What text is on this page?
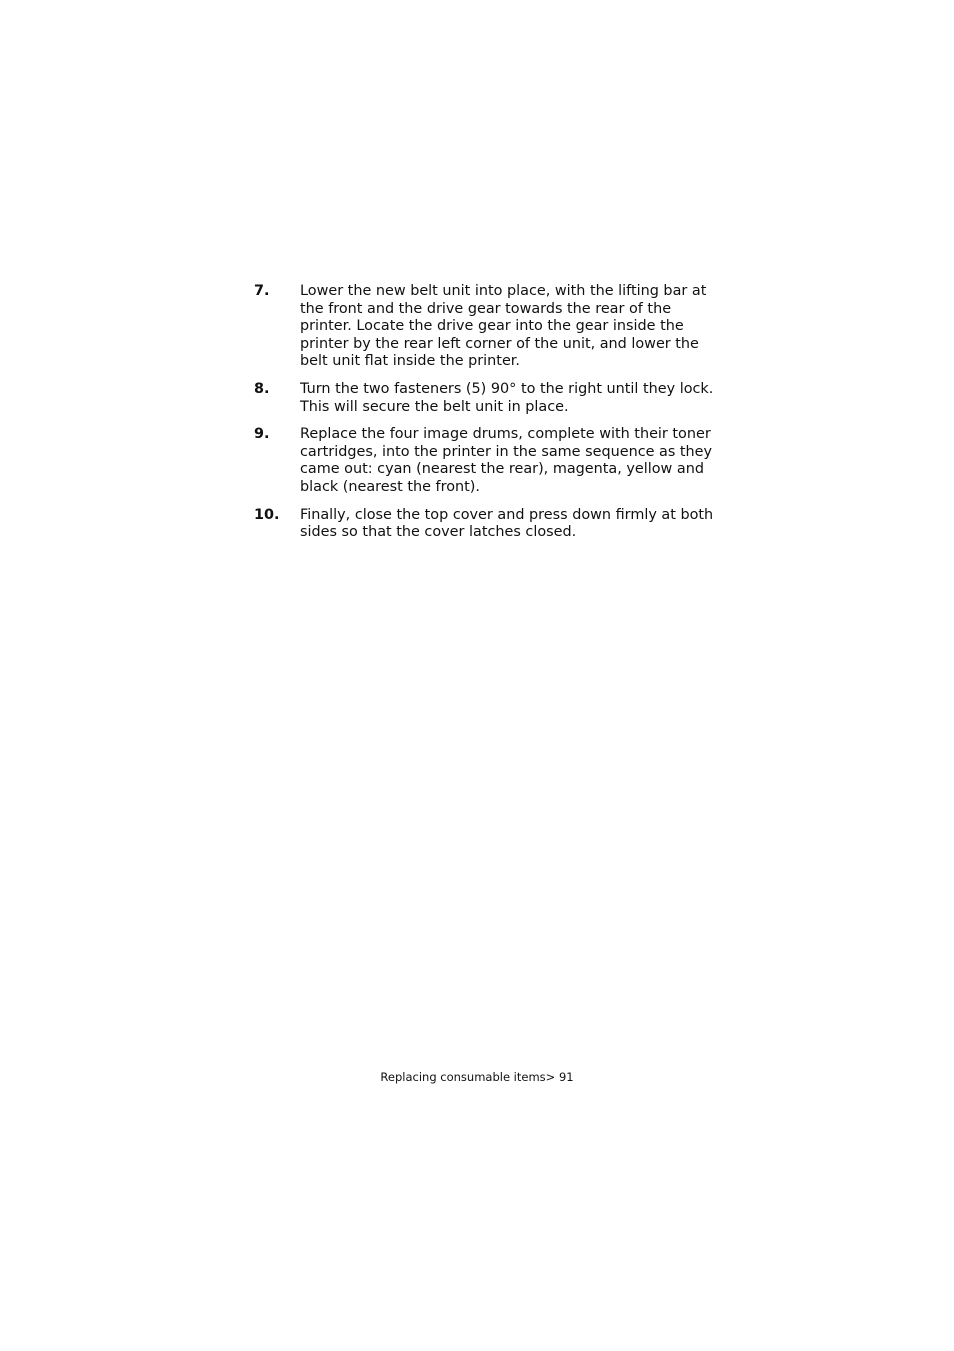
7. Lower the new belt unit into place, with the lifting bar at the front and the drive gear towards the rear of the printer. Locate the drive gear into the gear inside the printer by the rear left corner of the unit, and lower the belt unit flat inside the printer.
8. Turn the two fasteners (5) 90° to the right until they lock. This will secure the belt unit in place.
9. Replace the four image drums, complete with their toner cartridges, into the printer in the same sequence as they came out: cyan (nearest the rear), magenta, yellow and black (nearest the front).
10. Finally, close the top cover and press down firmly at both sides so that the cover latches closed.
Replacing consumable items> 91
